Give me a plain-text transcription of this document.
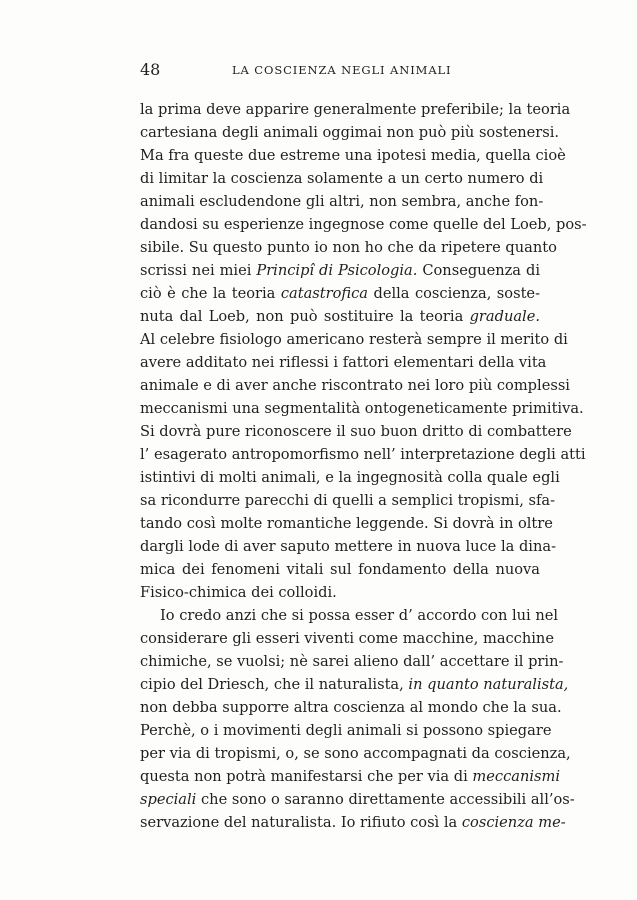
48	LA COSCIENZA NEGLI ANIMALI
la prima deve apparire generalmente preferibile; la teoria
cartesiana degli animali oggimai non può più sostenersi.
Ma fra queste due estreme una ipotesi media, quella cioè
di limitar la coscienza solamente a un certo numero di
animali escludendone gli altri, non sembra, anche fon-
dandosi su esperienze ingegnose come quelle del Loeb, pos-
sibile. Su questo punto io non ho che da ripetere quanto
scrissi nei miei Principî di Psicologia. Conseguenza di
ciò è che la teoria catastrofica della coscienza, soste-
nuta dal Loeb, non può sostituire la teoria graduale.
Al celebre fisiologo americano resterà sempre il merito di
avere additato nei riflessi i fattori elementari della vita
animale e di aver anche riscontrato nei loro più complessi
meccanismi una segmentalità ontogeneticamente primitiva.
Si dovrà pure riconoscere il suo buon dritto di combattere
l’ esagerato antropomorfismo nell’ interpretazione degli atti
istintivi di molti animali, e la ingegnosità colla quale egli
sa ricondurre parecchi di quelli a semplici tropismi, sfa-
tando così molte romantiche leggende. Si dovrà in oltre
dargli lode di aver saputo mettere in nuova luce la dina-
mica dei fenomeni vitali sul fondamento della nuova
Fisico-chimica dei colloidi.
Io credo anzi che si possa esser d’ accordo con lui nel
considerare gli esseri viventi come macchine, macchine
chimiche, se vuolsi; nè sarei alieno dall’ accettare il prin-
cipio del Driesch, che il naturalista, in quanto naturalista,
non debba supporre altra coscienza al mondo che la sua.
Perchè, o i movimenti degli animali si possono spiegare
per via di tropismi, o, se sono accompagnati da coscienza,
questa non potrà manifestarsi che per via di meccanismi
speciali che sono o saranno direttamente accessibili all’os-
servazione del naturalista. Io rifiuto così la coscienza me-
